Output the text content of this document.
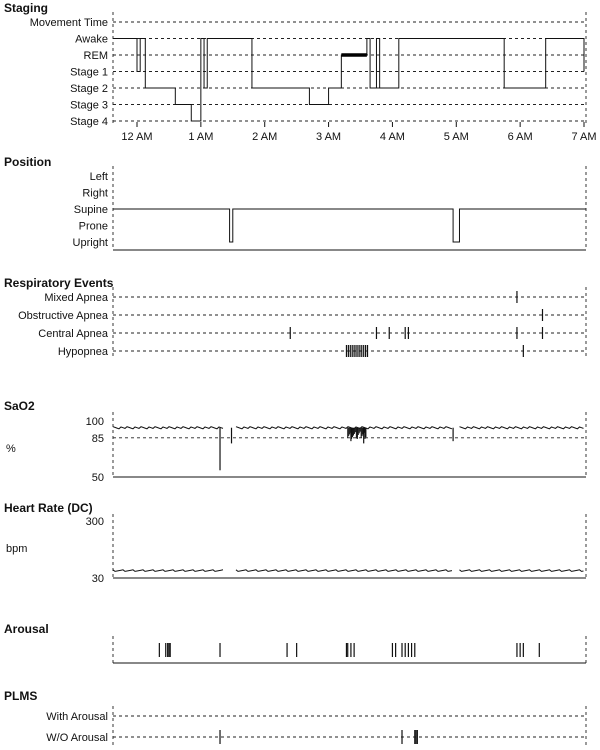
Staging
Movement Time
Awake
REM
Stage 1
Stage 2
Stage 3
Stage 4
12 AM	1 AM	2 AM	3 AM	4 AM	5 AM	6 AM	7 AM
Position
Left
Right
Supine
Prone
Upright
Respiratory Events
Mixed Apnea
Obstructive Apnea
Central Apnea
Hypopnea
SaO2
%
100
85
50
Heart Rate (DC)
bpm
300
30
Arousal
PLMS
With Arousal
W/O Arousal
